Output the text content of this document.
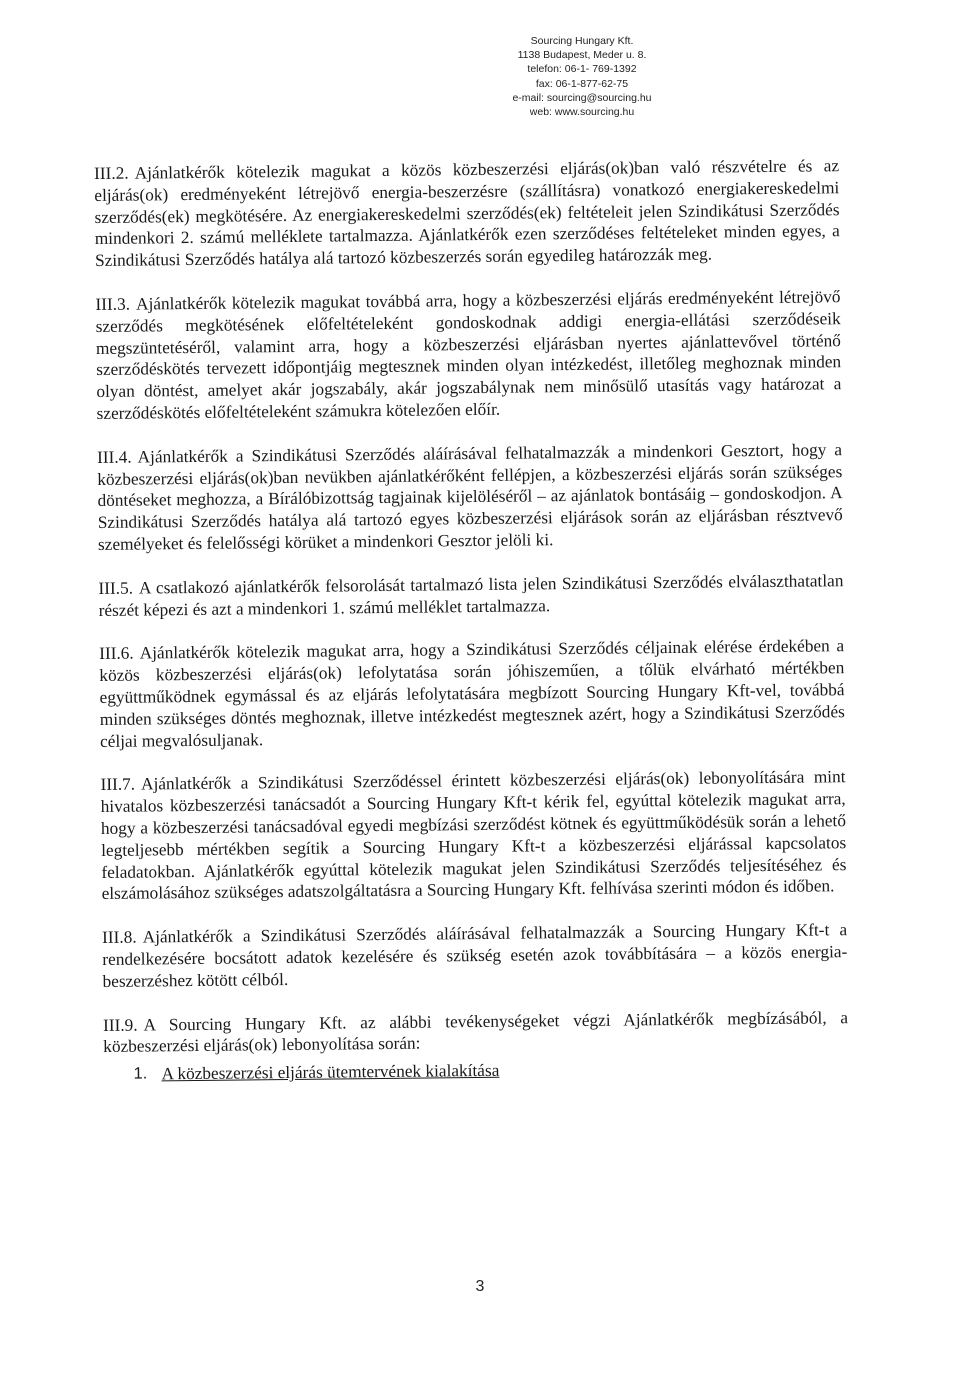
Sourcing Hungary Kft.
1138 Budapest, Meder u. 8.
telefon: 06-1- 769-1392
fax: 06-1-877-62-75
e-mail: sourcing@sourcing.hu
web: www.sourcing.hu

III.2. Ajánlatkérők kötelezik magukat a közös közbeszerzési eljárás(ok)ban való részvételre és az eljárás(ok) eredményeként létrejövő energia-beszerzésre (szállításra) vonatkozó energiakereskedelmi szerződés(ek) megkötésére. Az energiakereskedelmi szerződés(ek) feltételeit jelen Szindikátusi Szerződés mindenkori 2. számú melléklete tartalmazza. Ajánlatkérők ezen szerződéses feltételeket minden egyes, a Szindikátusi Szerződés hatálya alá tartozó közbeszerzés során egyedileg határozzák meg.

III.3. Ajánlatkérők kötelezik magukat továbbá arra, hogy a közbeszerzési eljárás eredményeként létrejövő szerződés megkötésének előfeltételeként gondoskodnak addigi energia-ellátási szerződéseik megszüntetéséről, valamint arra, hogy a közbeszerzési eljárásban nyertes ajánlattevővel történő szerződéskötés tervezett időpontjáig megtesznek minden olyan intézkedést, illetőleg meghoznak minden olyan döntést, amelyet akár jogszabály, akár jogszabálynak nem minősülő utasítás vagy határozat a szerződéskötés előfeltételeként számukra kötelezően előír.

III.4. Ajánlatkérők a Szindikátusi Szerződés aláírásával felhatalmazzák a mindenkori Gesztort, hogy a közbeszerzési eljárás(ok)ban nevükben ajánlatkérőként fellépjen, a közbeszerzési eljárás során szükséges döntéseket meghozza, a Bírálóbizottság tagjainak kijelöléséről – az ajánlatok bontásáig – gondoskodjon. A Szindikátusi Szerződés hatálya alá tartozó egyes közbeszerzési eljárások során az eljárásban résztvevő személyeket és felelősségi körüket a mindenkori Gesztor jelöli ki.

III.5. A csatlakozó ajánlatkérők felsorolását tartalmazó lista jelen Szindikátusi Szerződés elválaszthatatlan részét képezi és azt a mindenkori 1. számú melléklet tartalmazza.

III.6. Ajánlatkérők kötelezik magukat arra, hogy a Szindikátusi Szerződés céljainak elérése érdekében a közös közbeszerzési eljárás(ok) lefolytatása során jóhiszeműen, a tőlük elvárható mértékben együttműködnek egymással és az eljárás lefolytatására megbízott Sourcing Hungary Kft-vel, továbbá minden szükséges döntés meghoznak, illetve intézkedést megtesznek azért, hogy a Szindikátusi Szerződés céljai megvalósuljanak.

III.7. Ajánlatkérők a Szindikátusi Szerződéssel érintett közbeszerzési eljárás(ok) lebonyolítására mint hivatalos közbeszerzési tanácsadót a Sourcing Hungary Kft-t kérik fel, egyúttal kötelezik magukat arra, hogy a közbeszerzési tanácsadóval egyedi megbízási szerződést kötnek és együttműködésük során a lehető legteljesebb mértékben segítik a Sourcing Hungary Kft-t a közbeszerzési eljárással kapcsolatos feladatokban. Ajánlatkérők egyúttal kötelezik magukat jelen Szindikátusi Szerződés teljesítéséhez és elszámolásához szükséges adatszolgáltatásra a Sourcing Hungary Kft. felhívása szerinti módon és időben.

III.8. Ajánlatkérők a Szindikátusi Szerződés aláírásával felhatalmazzák a Sourcing Hungary Kft-t a rendelkezésére bocsátott adatok kezelésére és szükség esetén azok továbbítására – a közös energia-beszerzéshez kötött célból.

III.9. A Sourcing Hungary Kft. az alábbi tevékenységeket végzi Ajánlatkérők megbízásából, a közbeszerzési eljárás(ok) lebonyolítása során:

1. A közbeszerzési eljárás ütemtervének kialakítása
3
